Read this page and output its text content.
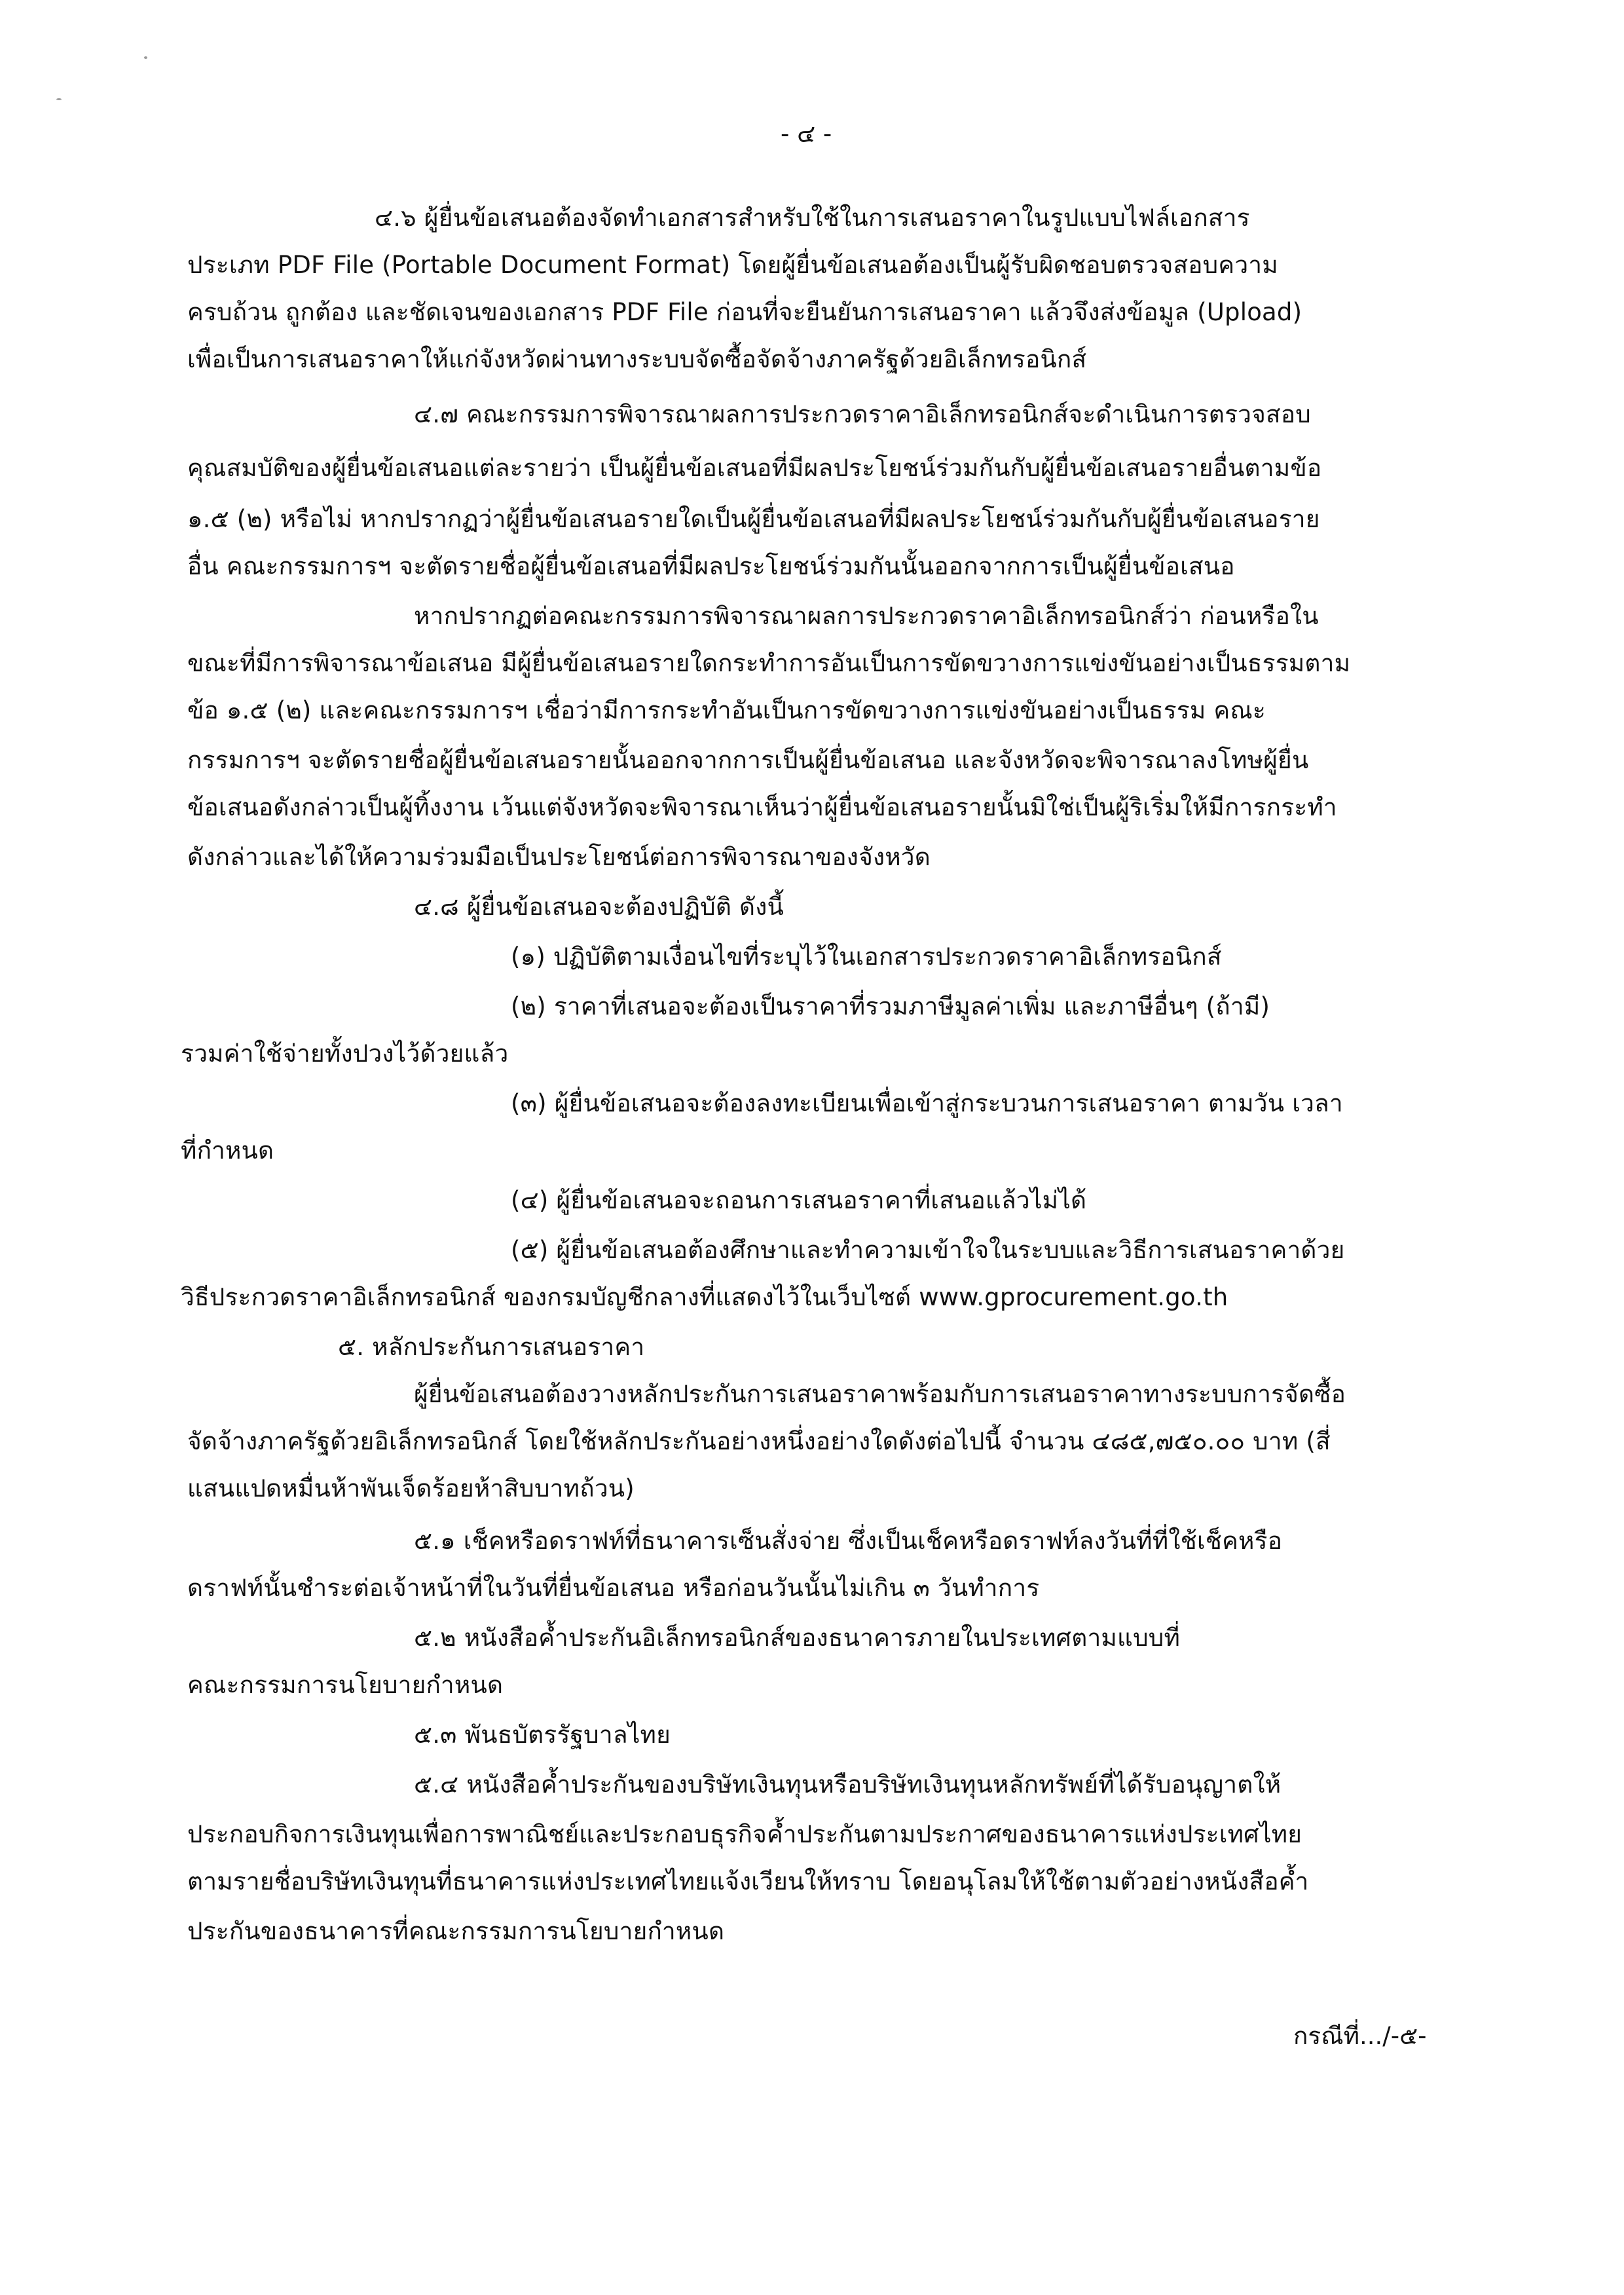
- ๔ -

๔.๖ ผู้ยื่นข้อเสนอต้องจัดทำเอกสารสำหรับใช้ในการเสนอราคาในรูปแบบไฟล์เอกสาร

ประเภท PDF File (Portable Document Format) โดยผู้ยื่นข้อเสนอต้องเป็นผู้รับผิดชอบตรวจสอบความ

ครบถ้วน ถูกต้อง และชัดเจนของเอกสาร PDF File ก่อนที่จะยืนยันการเสนอราคา แล้วจึงส่งข้อมูล (Upload)

เพื่อเป็นการเสนอราคาให้แก่จังหวัดผ่านทางระบบจัดซื้อจัดจ้างภาครัฐด้วยอิเล็กทรอนิกส์

๔.๗ คณะกรรมการพิจารณาผลการประกวดราคาอิเล็กทรอนิกส์จะดำเนินการตรวจสอบ

คุณสมบัติของผู้ยื่นข้อเสนอแต่ละรายว่า เป็นผู้ยื่นข้อเสนอที่มีผลประโยชน์ร่วมกันกับผู้ยื่นข้อเสนอรายอื่นตามข้อ

๑.๕ (๒) หรือไม่ หากปรากฏว่าผู้ยื่นข้อเสนอรายใดเป็นผู้ยื่นข้อเสนอที่มีผลประโยชน์ร่วมกันกับผู้ยื่นข้อเสนอราย

อื่น คณะกรรมการฯ จะตัดรายชื่อผู้ยื่นข้อเสนอที่มีผลประโยชน์ร่วมกันนั้นออกจากการเป็นผู้ยื่นข้อเสนอ

หากปรากฏต่อคณะกรรมการพิจารณาผลการประกวดราคาอิเล็กทรอนิกส์ว่า ก่อนหรือใน

ขณะที่มีการพิจารณาข้อเสนอ มีผู้ยื่นข้อเสนอรายใดกระทำการอันเป็นการขัดขวางการแข่งขันอย่างเป็นธรรมตาม

ข้อ ๑.๕ (๒) และคณะกรรมการฯ เชื่อว่ามีการกระทำอันเป็นการขัดขวางการแข่งขันอย่างเป็นธรรม คณะ

กรรมการฯ จะตัดรายชื่อผู้ยื่นข้อเสนอรายนั้นออกจากการเป็นผู้ยื่นข้อเสนอ และจังหวัดจะพิจารณาลงโทษผู้ยื่น

ข้อเสนอดังกล่าวเป็นผู้ทิ้งงาน เว้นแต่จังหวัดจะพิจารณาเห็นว่าผู้ยื่นข้อเสนอรายนั้นมิใช่เป็นผู้ริเริ่มให้มีการกระทำ

ดังกล่าวและได้ให้ความร่วมมือเป็นประโยชน์ต่อการพิจารณาของจังหวัด

๔.๘ ผู้ยื่นข้อเสนอจะต้องปฏิบัติ ดังนี้

(๑) ปฏิบัติตามเงื่อนไขที่ระบุไว้ในเอกสารประกวดราคาอิเล็กทรอนิกส์

(๒) ราคาที่เสนอจะต้องเป็นราคาที่รวมภาษีมูลค่าเพิ่ม และภาษีอื่นๆ (ถ้ามี)

รวมค่าใช้จ่ายทั้งปวงไว้ด้วยแล้ว

(๓) ผู้ยื่นข้อเสนอจะต้องลงทะเบียนเพื่อเข้าสู่กระบวนการเสนอราคา ตามวัน เวลา

ที่กำหนด

(๔) ผู้ยื่นข้อเสนอจะถอนการเสนอราคาที่เสนอแล้วไม่ได้

(๕) ผู้ยื่นข้อเสนอต้องศึกษาและทำความเข้าใจในระบบและวิธีการเสนอราคาด้วย

วิธีประกวดราคาอิเล็กทรอนิกส์ ของกรมบัญชีกลางที่แสดงไว้ในเว็บไซต์ www.gprocurement.go.th

๕. หลักประกันการเสนอราคา

ผู้ยื่นข้อเสนอต้องวางหลักประกันการเสนอราคาพร้อมกับการเสนอราคาทางระบบการจัดซื้อ

จัดจ้างภาครัฐด้วยอิเล็กทรอนิกส์ โดยใช้หลักประกันอย่างหนึ่งอย่างใดดังต่อไปนี้ จำนวน ๔๘๕,๗๕๐.๐๐ บาท (สี่

แสนแปดหมื่นห้าพันเจ็ดร้อยห้าสิบบาทถ้วน)

๕.๑ เช็คหรือดราฟท์ที่ธนาคารเซ็นสั่งจ่าย ซึ่งเป็นเช็คหรือดราฟท์ลงวันที่ที่ใช้เช็คหรือ

ดราฟท์นั้นชำระต่อเจ้าหน้าที่ในวันที่ยื่นข้อเสนอ หรือก่อนวันนั้นไม่เกิน ๓ วันทำการ

๕.๒ หนังสือค้ำประกันอิเล็กทรอนิกส์ของธนาคารภายในประเทศตามแบบที่

คณะกรรมการนโยบายกำหนด

๕.๓ พันธบัตรรัฐบาลไทย

๕.๔ หนังสือค้ำประกันของบริษัทเงินทุนหรือบริษัทเงินทุนหลักทรัพย์ที่ได้รับอนุญาตให้

ประกอบกิจการเงินทุนเพื่อการพาณิชย์และประกอบธุรกิจค้ำประกันตามประกาศของธนาคารแห่งประเทศไทย

ตามรายชื่อบริษัทเงินทุนที่ธนาคารแห่งประเทศไทยแจ้งเวียนให้ทราบ โดยอนุโลมให้ใช้ตามตัวอย่างหนังสือค้ำ

ประกันของธนาคารที่คณะกรรมการนโยบายกำหนด

กรณีที่.../-๕-
